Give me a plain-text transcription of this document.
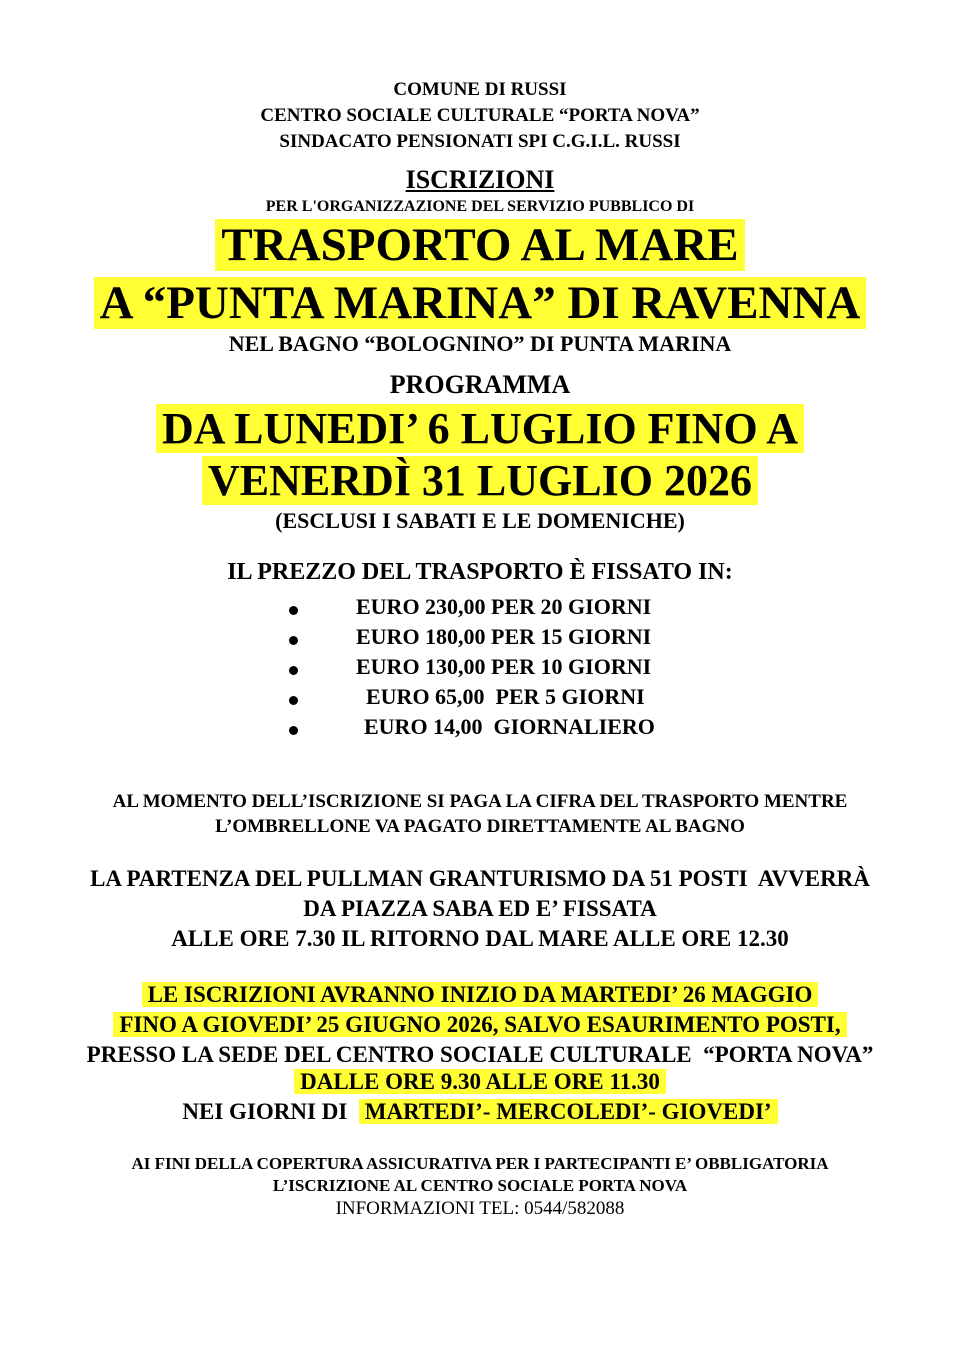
COMUNE DI RUSSI
CENTRO SOCIALE CULTURALE “PORTA NOVA”
SINDACATO PENSIONATI SPI C.G.I.L. RUSSI
ISCRIZIONI
PER L'ORGANIZZAZIONE DEL SERVIZIO PUBBLICO DI
TRASPORTO AL MARE
A “PUNTA MARINA” DI RAVENNA
NEL BAGNO “BOLOGNINO” DI PUNTA MARINA
PROGRAMMA
DA LUNEDI’ 6 LUGLIO FINO A
VENERDÌ 31 LUGLIO 2026
(ESCLUSI I SABATI E LE DOMENICHE)
IL PREZZO DEL TRASPORTO È FISSATO IN:
EURO 230,00 PER 20 GIORNI
EURO 180,00 PER 15 GIORNI
EURO 130,00 PER 10 GIORNI
EURO 65,00  PER 5 GIORNI
EURO 14,00  GIORNALIERO
AL MOMENTO DELL’ISCRIZIONE SI PAGA LA CIFRA DEL TRASPORTO MENTRE
L’OMBRELLONE VA PAGATO DIRETTAMENTE AL BAGNO
LA PARTENZA DEL PULLMAN GRANTURISMO DA 51 POSTI  AVVERRÀ
DA PIAZZA SABA ED E’ FISSATA
ALLE ORE 7.30 IL RITORNO DAL MARE ALLE ORE 12.30
LE ISCRIZIONI AVRANNO INIZIO DA MARTEDI’ 26 MAGGIO
FINO A GIOVEDI’ 25 GIUGNO 2026, SALVO ESAURIMENTO POSTI,
PRESSO LA SEDE DEL CENTRO SOCIALE CULTURALE  “PORTA NOVA”
DALLE ORE 9.30 ALLE ORE 11.30
NEI GIORNI DI  MARTEDI’- MERCOLEDI’- GIOVEDI’
AI FINI DELLA COPERTURA ASSICURATIVA PER I PARTECIPANTI E’ OBBLIGATORIA
L’ISCRIZIONE AL CENTRO SOCIALE PORTA NOVA
INFORMAZIONI TEL: 0544/582088
